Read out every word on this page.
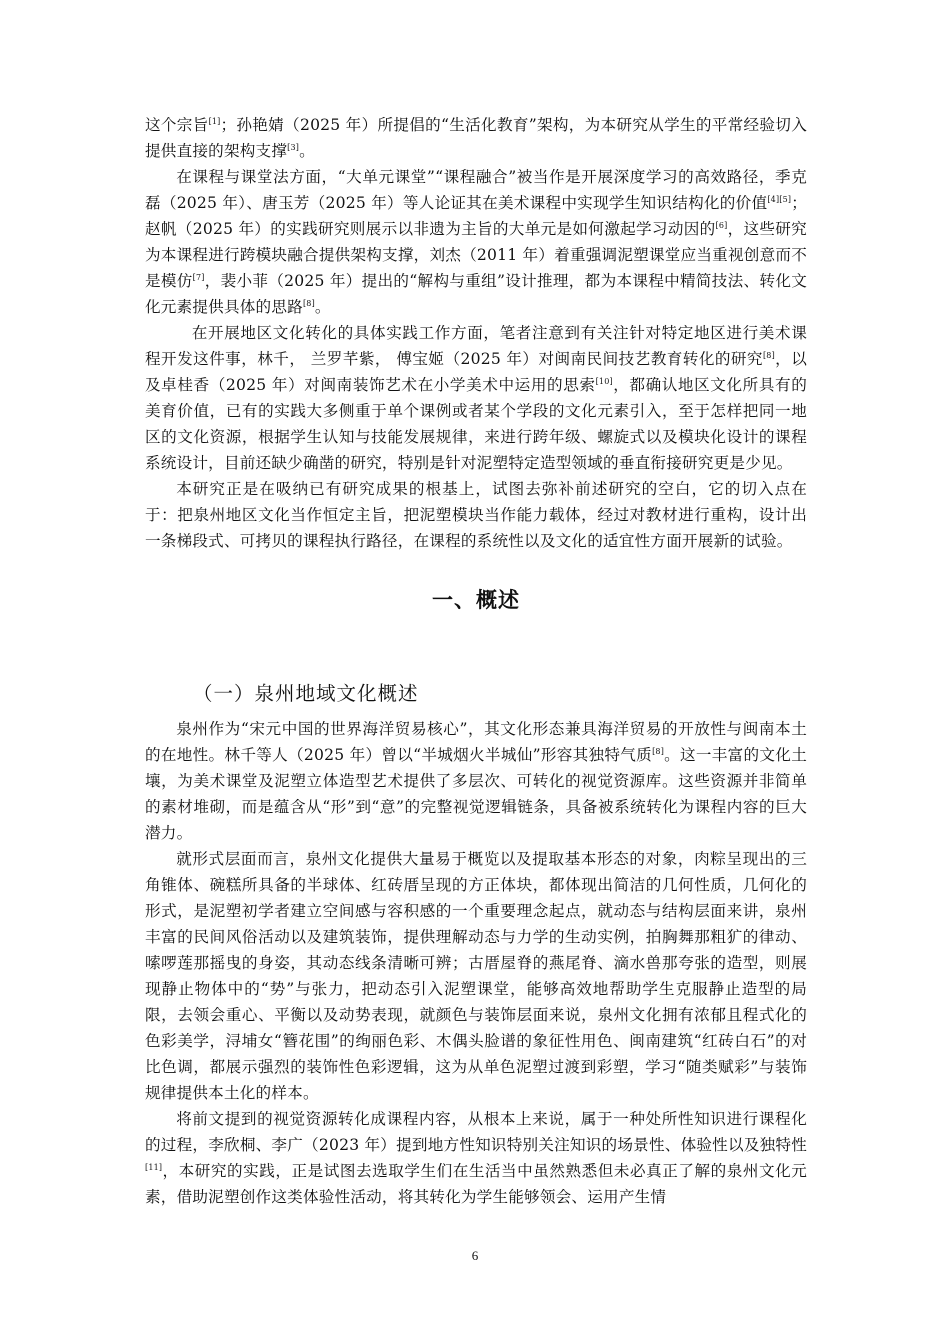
这个宗旨[1]；孙艳婧（2025 年）所提倡的“生活化教育”架构，为本研究从学生的平常经验切入提供直接的架构支撑[3]。

在课程与课堂法方面，“大单元课堂”“课程融合”被当作是开展深度学习的高效路径，季克磊（2025 年）、唐玉芳（2025 年）等人论证其在美术课程中实现学生知识结构化的价值[4][5]；赵帆（2025 年）的实践研究则展示以非遗为主旨的大单元是如何激起学习动因的[6]，这些研究为本课程进行跨模块融合提供架构支撑，刘杰（2011 年）着重强调泥塑课堂应当重视创意而不是模仿[7]，裴小菲（2025 年）提出的“解构与重组”设计推理，都为本课程中精简技法、转化文化元素提供具体的思路[8]。

在开展地区文化转化的具体实践工作方面，笔者注意到有关注针对特定地区进行美术课程开发这件事，林千， 兰罗芊紫， 傅宝姬（2025 年）对闽南民间技艺教育转化的研究[8]，以及卓桂香（2025 年）对闽南装饰艺术在小学美术中运用的思索[10]，都确认地区文化所具有的美育价值，已有的实践大多侧重于单个课例或者某个学段的文化元素引入，至于怎样把同一地区的文化资源，根据学生认知与技能发展规律，来进行跨年级、螺旋式以及模块化设计的课程系统设计，目前还缺少确凿的研究，特别是针对泥塑特定造型领域的垂直衔接研究更是少见。

本研究正是在吸纳已有研究成果的根基上，试图去弥补前述研究的空白，它的切入点在于：把泉州地区文化当作恒定主旨，把泥塑模块当作能力载体，经过对教材进行重构，设计出一条梯段式、可拷贝的课程执行路径，在课程的系统性以及文化的适宜性方面开展新的试验。

一、概述
（一）泉州地域文化概述

泉州作为“宋元中国的世界海洋贸易核心”，其文化形态兼具海洋贸易的开放性与闽南本土的在地性。林千等人（2025 年）曾以“半城烟火半城仙”形容其独特气质[8]。这一丰富的文化土壤，为美术课堂及泥塑立体造型艺术提供了多层次、可转化的视觉资源库。这些资源并非简单的素材堆砌，而是蕴含从“形”到“意”的完整视觉逻辑链条，具备被系统转化为课程内容的巨大潜力。

就形式层面而言，泉州文化提供大量易于概览以及提取基本形态的对象，肉粽呈现出的三角锥体、碗糕所具备的半球体、红砖厝呈现的方正体块，都体现出简洁的几何性质，几何化的形式，是泥塑初学者建立空间感与容积感的一个重要理念起点，就动态与结构层面来讲，泉州丰富的民间风俗活动以及建筑装饰，提供理解动态与力学的生动实例，拍胸舞那粗犷的律动、嗦啰莲那摇曳的身姿，其动态线条清晰可辨；古厝屋脊的燕尾脊、滴水兽那夸张的造型，则展现静止物体中的“势”与张力，把动态引入泥塑课堂，能够高效地帮助学生克服静止造型的局限，去领会重心、平衡以及动势表现，就颜色与装饰层面来说，泉州文化拥有浓郁且程式化的色彩美学，浔埔女“簪花围”的绚丽色彩、木偶头脸谱的象征性用色、闽南建筑“红砖白石”的对比色调，都展示强烈的装饰性色彩逻辑，这为从单色泥塑过渡到彩塑，学习“随类赋彩”与装饰规律提供本土化的样本。

将前文提到的视觉资源转化成课程内容，从根本上来说，属于一种处所性知识进行课程化的过程，李欣桐、李广（2023 年）提到地方性知识特别关注知识的场景性、体验性以及独特性[11]，本研究的实践，正是试图去选取学生们在生活当中虽然熟悉但未必真正了解的泉州文化元素，借助泥塑创作这类体验性活动，将其转化为学生能够领会、运用产生情

6
